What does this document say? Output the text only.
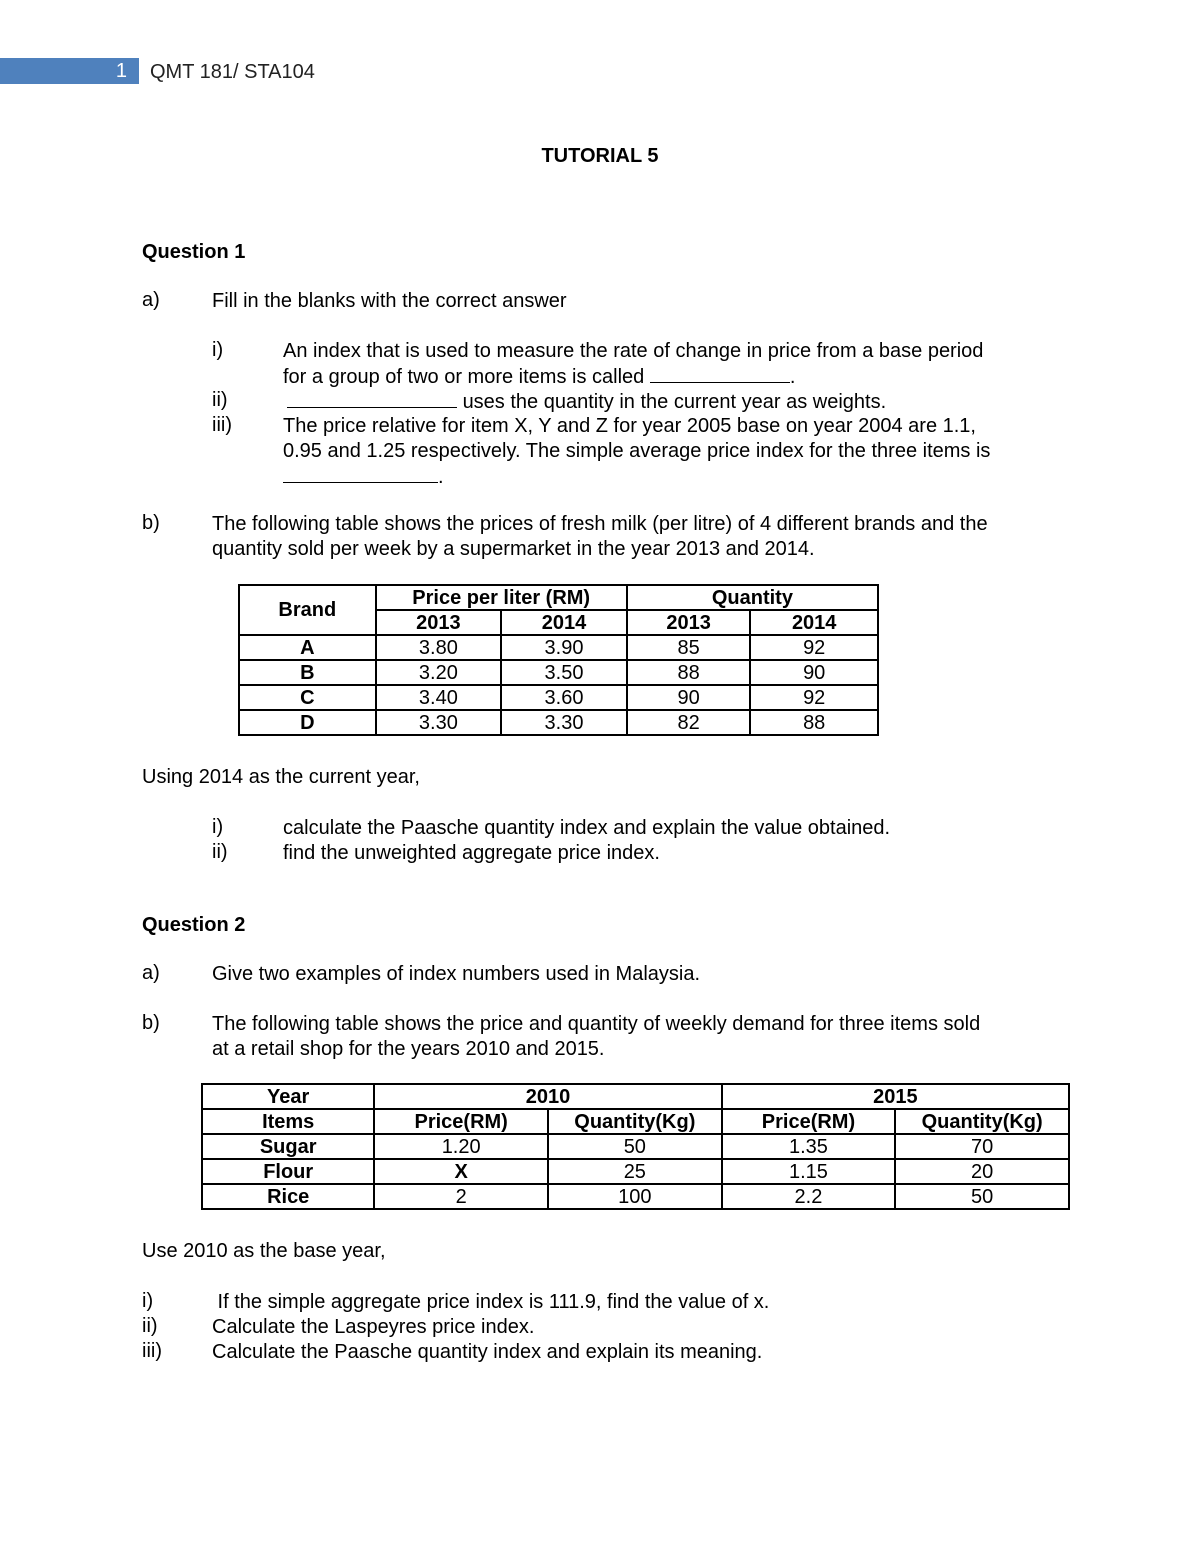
1 QMT 181/ STA104
TUTORIAL 5
Question 1
a)	Fill in the blanks with the correct answer
i)	An index that is used to measure the rate of change in price from a base period
for a group of two or more items is called	.
ii)	uses the quantity in the current year as weights.
iii)	The price relative for item X, Y and Z for year 2005 base on year 2004 are 1.1,
0.95 and 1.25 respectively. The simple average price index for the three items is
.
b)	The following table shows the prices of fresh milk (per litre) of 4 different brands and the
quantity sold per week by a supermarket in the year 2013 and 2014.
Brand	Price per liter (RM)		Quantity	
	2013	2014	2013	2014
A	3.80	3.90	85	92
B	3.20	3.50	88	90
C	3.40	3.60	90	92
D	3.30	3.30	82	88
Using 2014 as the current year,
i)	calculate the Paasche quantity index and explain the value obtained.
ii)	find the unweighted aggregate price index.
Question 2
a)	Give two examples of index numbers used in Malaysia.
b)	The following table shows the price and quantity of weekly demand for three items sold
at a retail shop for the years 2010 and 2015.
Year	2010		2015	
Items	Price(RM)	Quantity(Kg)	Price(RM)	Quantity(Kg)
Sugar	1.20	50	1.35	70
Flour	X	25	1.15	20
Rice	2	100	2.2	50
Use 2010 as the base year,
i)	If the simple aggregate price index is 111.9, find the value of x.
ii)	Calculate the Laspeyres price index.
iii)	Calculate the Paasche quantity index and explain its meaning.
